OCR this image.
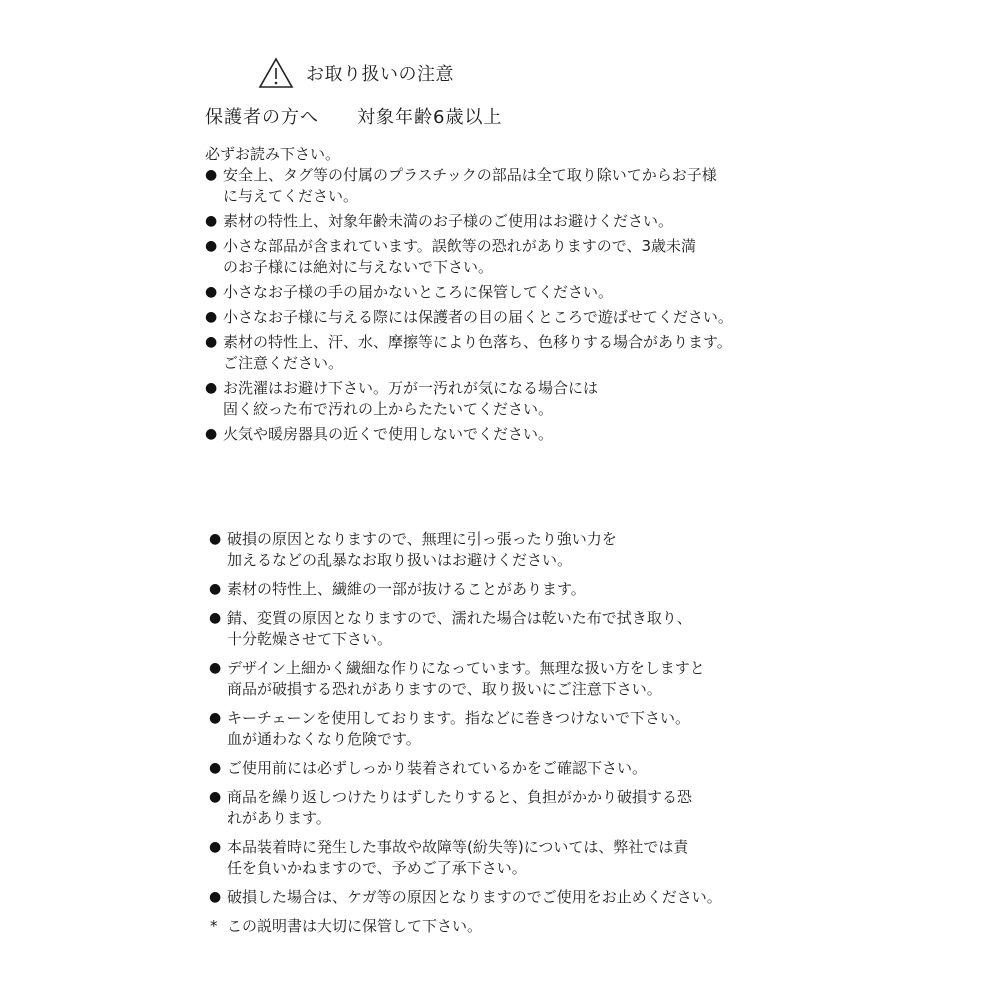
お取り扱いの注意
保護者の方へ　　対象年齢6歳以上
必ずお読み下さい。
● 安全上、タグ等の付属のプラスチックの部品は全て取り除いてからお子様
に与えてください。
● 素材の特性上、対象年齢未満のお子様のご使用はお避けください。
● 小さな部品が含まれています。誤飲等の恐れがありますので、3歳未満
のお子様には絶対に与えないで下さい。
● 小さなお子様の手の届かないところに保管してください。
● 小さなお子様に与える際には保護者の目の届くところで遊ばせてください。
● 素材の特性上、汗、水、摩擦等により色落ち、色移りする場合があります。
ご注意ください。
● お洗濯はお避け下さい。万が一汚れが気になる場合には
固く絞った布で汚れの上からたたいてください。
● 火気や暖房器具の近くで使用しないでください。
● 破損の原因となりますので、無理に引っ張ったり強い力を
加えるなどの乱暴なお取り扱いはお避けください。
● 素材の特性上、繊維の一部が抜けることがあります。
● 錆、変質の原因となりますので、濡れた場合は乾いた布で拭き取り、
十分乾燥させて下さい。
● デザイン上細かく繊細な作りになっています。無理な扱い方をしますと
商品が破損する恐れがありますので、取り扱いにご注意下さい。
● キーチェーンを使用しております。指などに巻きつけないで下さい。
血が通わなくなり危険です。
● ご使用前には必ずしっかり装着されているかをご確認下さい。
● 商品を繰り返しつけたりはずしたりすると、負担がかかり破損する恐
れがあります。
● 本品装着時に発生した事故や故障等(紛失等)については、弊社では責
任を負いかねますので、予めご了承下さい。
● 破損した場合は、ケガ等の原因となりますのでご使用をお止めください。
*  この説明書は大切に保管して下さい。
